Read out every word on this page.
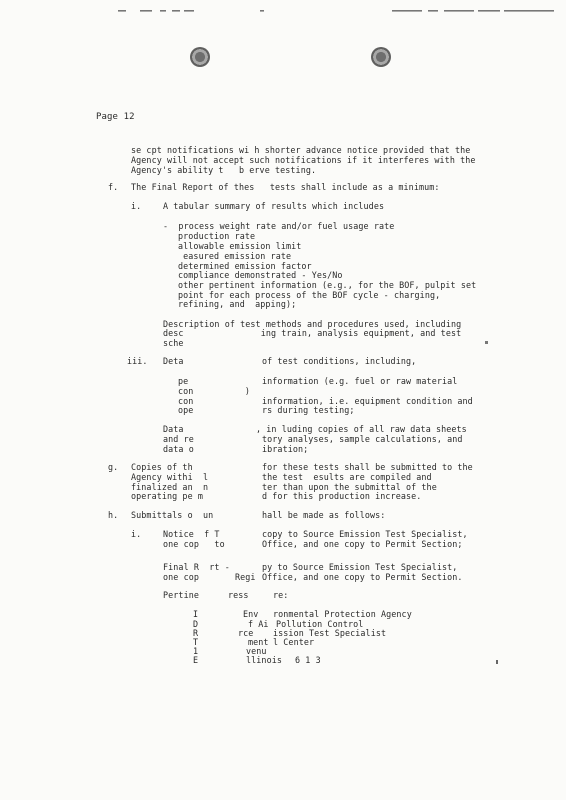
Page 12
se cpt notifications wi h shorter advance notice provided that the
Agency will not accept such notifications if it interferes with the
Agency's ability t   b erve testing.
f. The Final Report of thes   tests shall include as a minimum:
i.	A tabular summary of results which includes
-  process weight rate and/or fuel usage rate
production rate
allowable emission limit
easured emission rate
determined emission factor
compliance demonstrated - Yes/No
other pertinent information (e.g., for the BOF, pulpit set
point for each process of the BOF cycle - charging,
refining, and  apping);
Description of test methods and procedures used, including
desc               ing train, analysis equipment, and test
sche
iii. Deta	of test conditions, including,
pe	information (e.g. fuel or raw material
con          )
con	information, i.e. equipment condition and
ope	rs during testing;
Data	, in luding copies of all raw data sheets
and re	tory analyses, sample calculations, and
data o	ibration;
g. Copies of th	for these tests shall be submitted to the
Agency withi  l	the test  esults are compiled and
finalized an  n	ter than upon the submittal of the
operating pe m	d for this production increase.
h. Submittals o  un	hall be made as follows:
i.	Notice  f T	copy to Source Emission Test Specialist,
one cop   to	Office, and one copy to Permit Section;
Final R  rt -	py to Source Emission Test Specialist,
one cop       Regi Office, and one copy to Permit Section.
Pertine	ress	re:
I	Env ronmental Protection Agency
D	f Ai Pollution Control
R	rce ission Test Specialist
T	ment l Center
1	venu
E	llinois 6 1 3
